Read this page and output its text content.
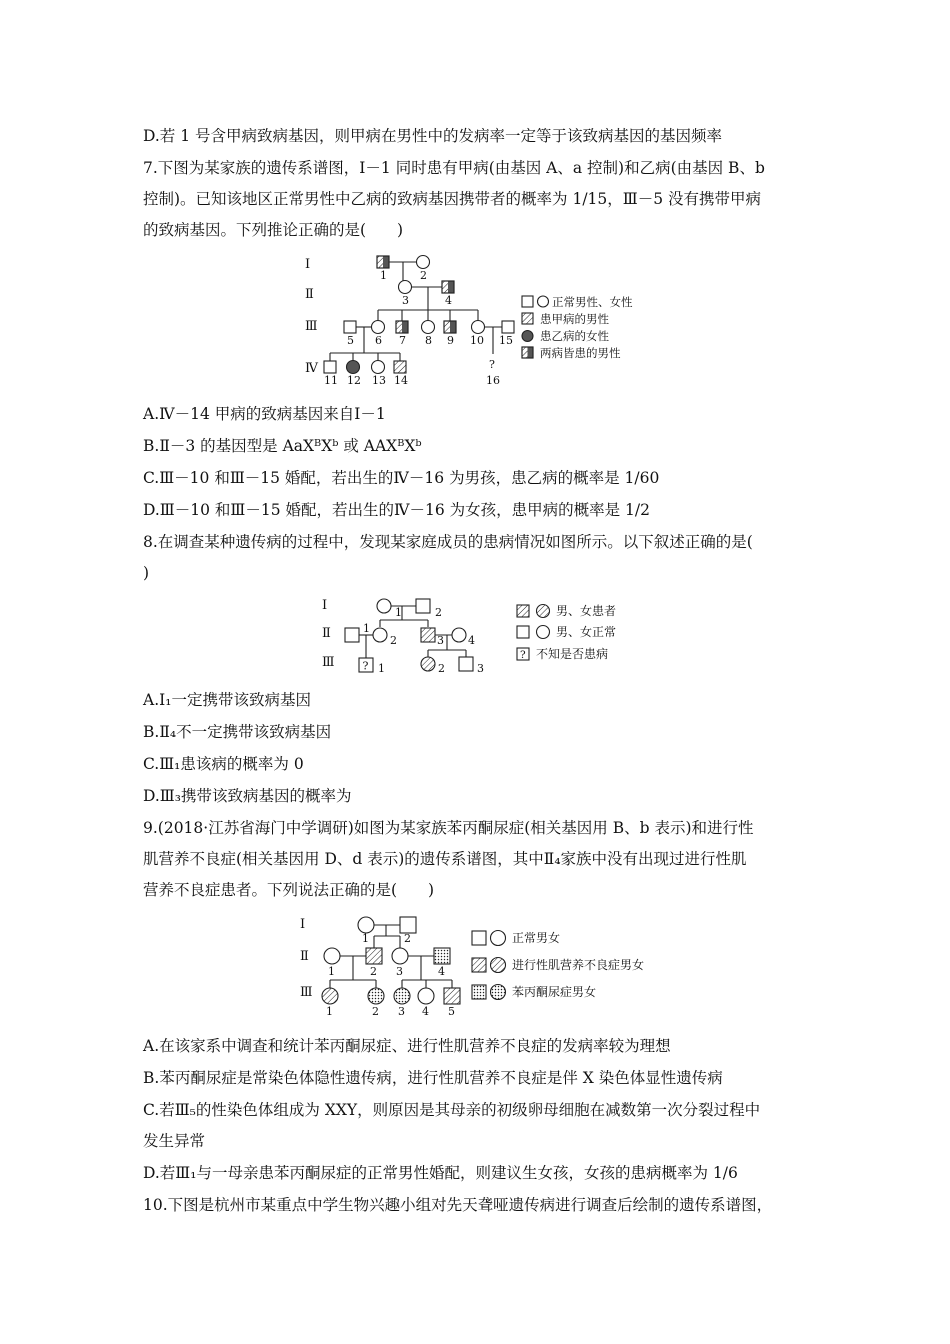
D.若 1 号含甲病致病基因，则甲病在男性中的发病率一定等于该致病基因的基因频率
7.下图为某家族的遗传系谱图，Ⅰ－1 同时患有甲病(由基因 A、a 控制)和乙病(由基因 B、b
控制)。已知该地区正常男性中乙病的致病基因携带者的概率为 1/15，Ⅲ－5 没有携带甲病
的致病基因。下列推论正确的是(　　)
Ⅰ
Ⅱ
Ⅲ
Ⅳ
1	2
3	4
5 6 7 8 9 10 15
11 12 13 14
?
16
正常男性、女性
患甲病的男性
患乙病的女性
两病皆患的男性
A.Ⅳ－14 甲病的致病基因来自Ⅰ－1
B.Ⅱ－3 的基因型是 AaXᴮXᵇ 或 AAXᴮXᵇ
C.Ⅲ－10 和Ⅲ－15 婚配，若出生的Ⅳ－16 为男孩，患乙病的概率是 1/60
D.Ⅲ－10 和Ⅲ－15 婚配，若出生的Ⅳ－16 为女孩，患甲病的概率是 1/2
8.在调查某种遗传病的过程中，发现某家庭成员的患病情况如图所示。以下叙述正确的是(
)
Ⅰ
Ⅱ
Ⅲ
1	2
2	3 4
1
? 1	2	3
男、女患者
男、女正常
? 不知是否患病
A.Ⅰ₁一定携带该致病基因
B.Ⅱ₄不一定携带该致病基因
C.Ⅲ₁患该病的概率为 0
D.Ⅲ₃携带该致病基因的概率为
9.(2018·江苏省海门中学调研)如图为某家族苯丙酮尿症(相关基因用 B、b 表示)和进行性
肌营养不良症(相关基因用 D、d 表示)的遗传系谱图，其中Ⅱ₄家族中没有出现过进行性肌
营养不良症患者。下列说法正确的是(　　)
Ⅰ
Ⅱ
Ⅲ
1	2
1	2 3	4
1	2 3 4 5
正常男女
进行性肌营养不良症男女
苯丙酮尿症男女
A.在该家系中调查和统计苯丙酮尿症、进行性肌营养不良症的发病率较为理想
B.苯丙酮尿症是常染色体隐性遗传病，进行性肌营养不良症是伴 X 染色体显性遗传病
C.若Ⅲ₅的性染色体组成为 XXY，则原因是其母亲的初级卵母细胞在减数第一次分裂过程中
发生异常
D.若Ⅲ₁与一母亲患苯丙酮尿症的正常男性婚配，则建议生女孩，女孩的患病概率为 1/6
10.下图是杭州市某重点中学生物兴趣小组对先天聋哑遗传病进行调查后绘制的遗传系谱图，
